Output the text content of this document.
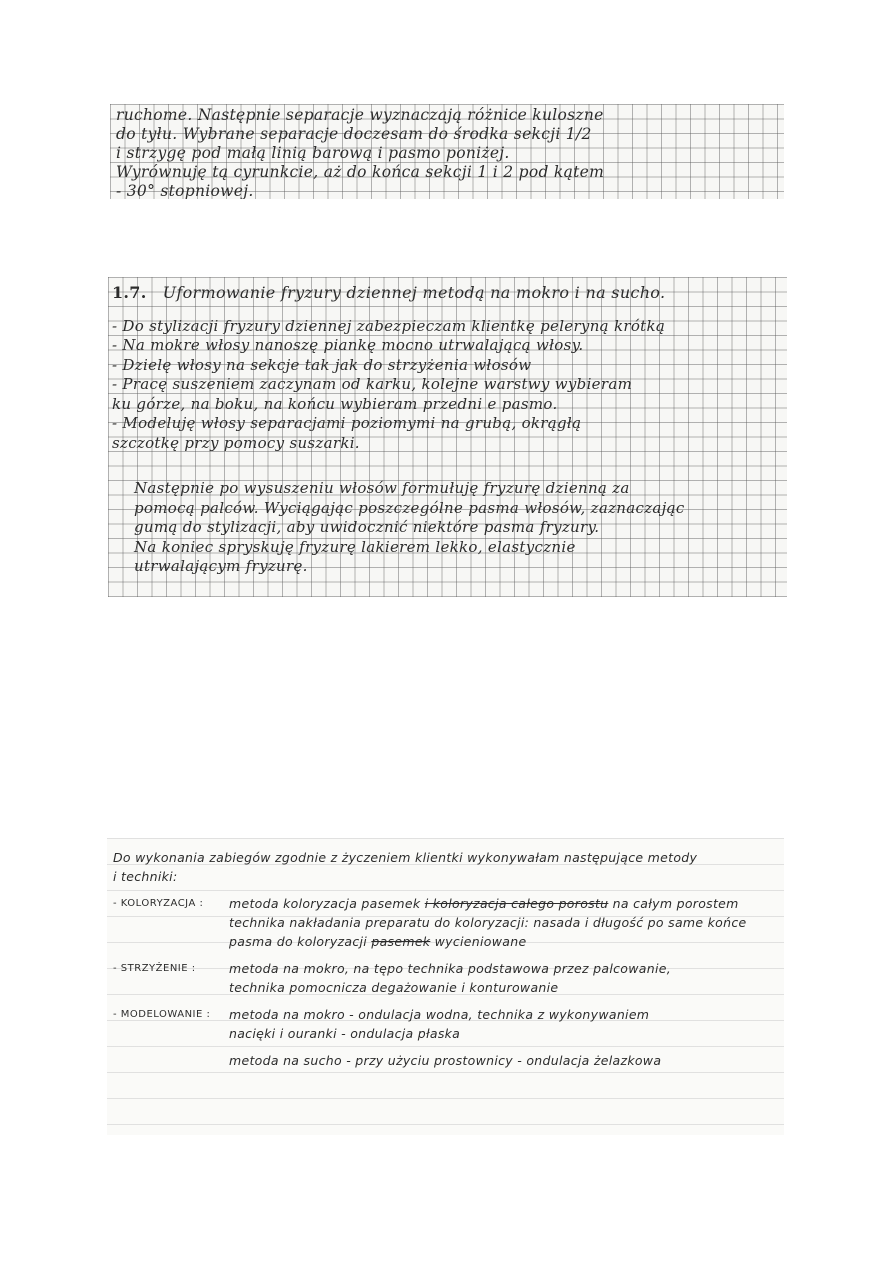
ruchome. Następnie separacje wyznaczają różnice kuloszne
do tyłu. Wybrane separacje doczesam do środka sekcji 1/2
i strzygę pod małą linią barową i pasmo poniżej.
Wyrównuję tą cyrunkcie, aż do końca sekcji 1 i 2 pod kątem
- 30° stopniowej.
1.7. Uformowanie fryzury dziennej metodą na mokro i na sucho.
- Do stylizacji fryzury dziennej zabezpieczam klientkę peleryną krótką
- Na mokre włosy nanoszę piankę mocno utrwalającą włosy.
- Dzielę włosy na sekcje tak jak do strzyżenia włosów
- Pracę suszeniem zaczynam od karku, kolejne warstwy wybieram
ku górze, na boku, na końcu wybieram przedni e pasmo.
- Modeluję włosy separacjami poziomymi na grubą, okrągłą
szczotkę przy pomocy suszarki.
Następnie po wysuszeniu włosów formułuję fryzurę dzienną za
pomocą palców. Wyciągając poszczególne pasma włosów, zaznaczając
gumą do stylizacji, aby uwidocznić niektóre pasma fryzury.
Na koniec spryskuję fryzurę lakierem lekko, elastycznie
utrwalającym fryzurę.
Do wykonania zabiegów zgodnie z życzeniem klientki wykonywałam następujące metody
i techniki:
- KOLORYZACJA :	metoda koloryzacja pasemek i koloryzacja całego porostu na całym porostem
technika nakładania preparatu do koloryzacji: nasada i długość po same końce
pasma do koloryzacji pasemek wycieniowane
- STRZYŻENIE :	metoda na mokro, na tępo technika podstawowa przez palcowanie,
technika pomocnicza degażowanie i konturowanie
- MODELOWANIE :	metoda na mokro - ondulacja wodna, technika z wykonywaniem
nacięki i ouranki - ondulacja płaska
metoda na sucho - przy użyciu prostownicy - ondulacja żelazkowa
